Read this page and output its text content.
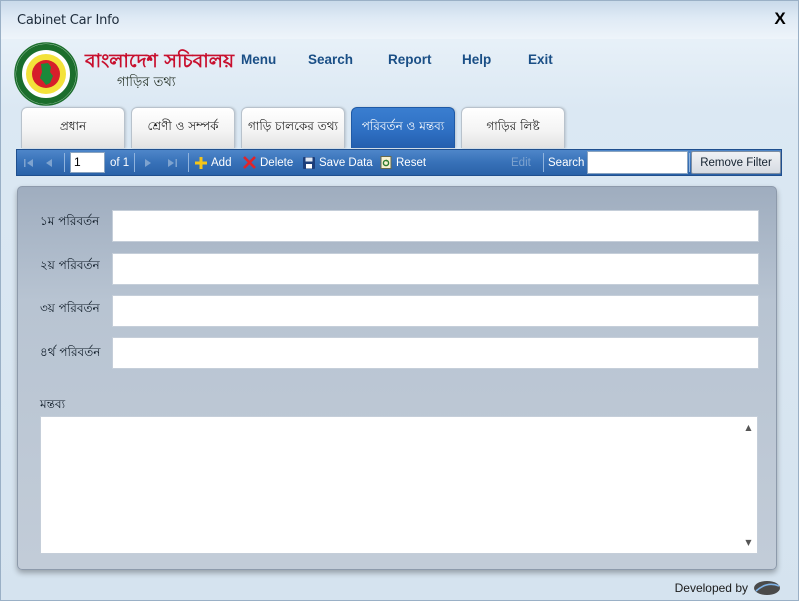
Cabinet Car Info	X
বাংলাদেশ সচিবালয়
গাড়ির তথ্য
Menu Search	Report Help	Exit
প্রধান	শ্রেণী ও সম্পর্ক	গাড়ি চালকের তথ্য	পরিবর্তন ও মন্তব্য	গাড়ির লিষ্ট
1	of 1	Add Delete Save Data Reset	Edit Search	Remove Filter
১ম পরিবর্তন
২য় পরিবর্তন
৩য় পরিবর্তন
৪র্থ পরিবর্তন
মন্তব্য
▲
▼
Developed by
